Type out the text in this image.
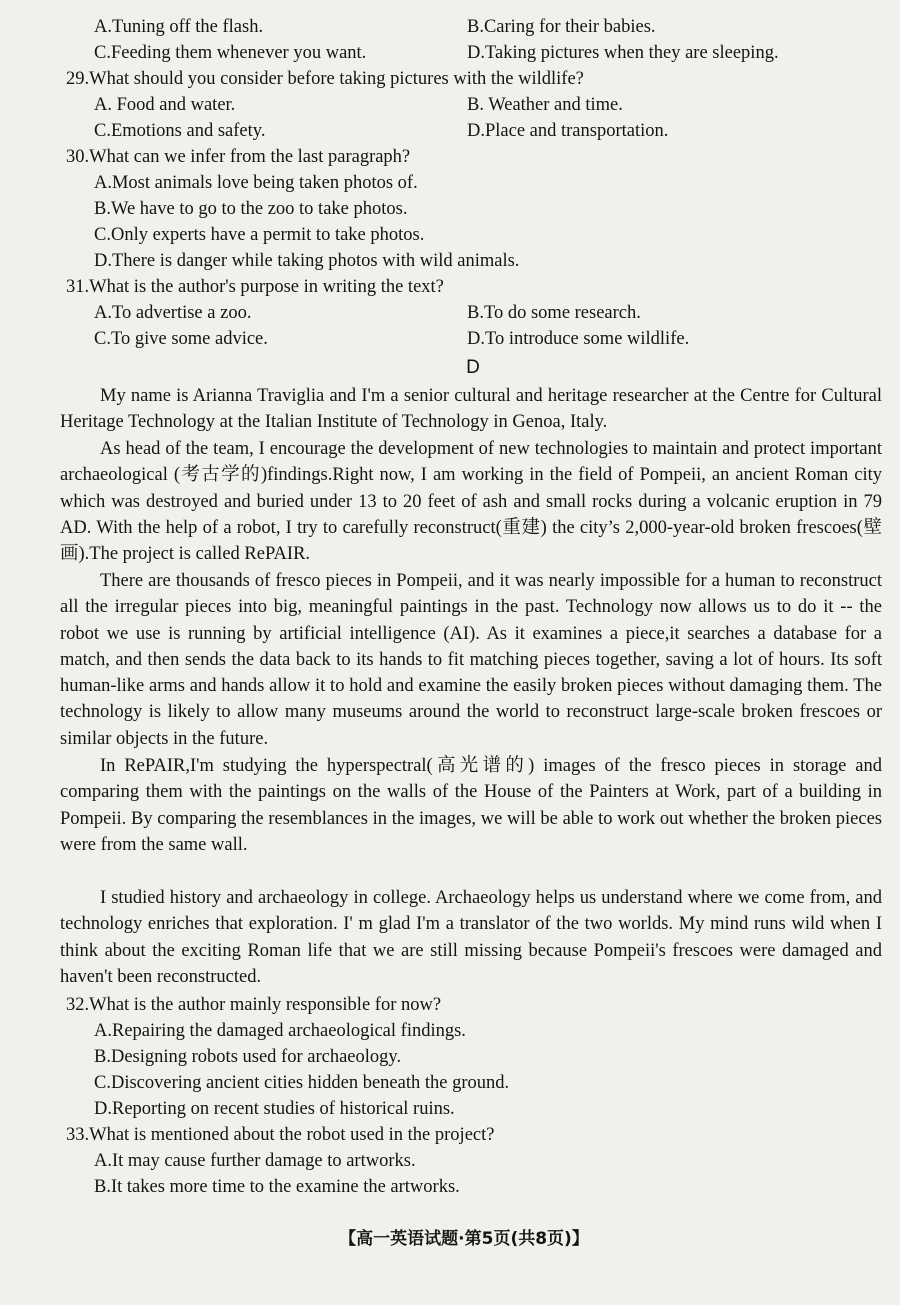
A.Tuning off the flash.	B.Caring for their babies.
C.Feeding them whenever you want.	D.Taking pictures when they are sleeping.
29.What should you consider before taking pictures with the wildlife?
A. Food and water.	B. Weather and time.
C.Emotions and safety.	D.Place and transportation.
30.What can we infer from the last paragraph?
A.Most animals love being taken photos of.
B.We have to go to the zoo to take photos.
C.Only experts have a permit to take photos.
D.There is danger while taking photos with wild animals.
31.What is the author's purpose in writing the text?
A.To advertise a zoo.	B.To do some research.
C.To give some advice.	D.To introduce some wildlife.
D
My name is Arianna Traviglia and I'm a senior cultural and heritage researcher at the Centre for Cultural Heritage Technology at the Italian Institute of Technology in Genoa, Italy.
As head of the team, I encourage the development of new technologies to maintain and protect important archaeological (考古学的)findings.Right now, I am working in the field of Pompeii, an ancient Roman city which was destroyed and buried under 13 to 20 feet of ash and small rocks during a volcanic eruption in 79 AD. With the help of a robot, I try to carefully reconstruct(重建) the city’s 2,000-year-old broken frescoes(壁画).The project is called RePAIR.
There are thousands of fresco pieces in Pompeii, and it was nearly impossible for a human to reconstruct all the irregular pieces into big, meaningful paintings in the past. Technology now allows us to do it -- the robot we use is running by artificial intelligence (AI). As it examines a piece,it searches a database for a match, and then sends the data back to its hands to fit matching pieces together, saving a lot of hours. Its soft human-like arms and hands allow it to hold and examine the easily broken pieces without damaging them. The technology is likely to allow many museums around the world to reconstruct large-scale broken frescoes or similar objects in the future.
In RePAIR,I'm studying the hyperspectral(高光谱的) images of the fresco pieces in storage and comparing them with the paintings on the walls of the House of the Painters at Work, part of a building in Pompeii. By comparing the resemblances in the images, we will be able to work out whether the broken pieces were from the same wall.
I studied history and archaeology in college. Archaeology helps us understand where we come from, and technology enriches that exploration. I' m glad I'm a translator of the two worlds. My mind runs wild when I think about the exciting Roman life that we are still missing because Pompeii's frescoes were damaged and haven't been reconstructed.
32.What is the author mainly responsible for now?
A.Repairing the damaged archaeological findings.
B.Designing robots used for archaeology.
C.Discovering ancient cities hidden beneath the ground.
D.Reporting on recent studies of historical ruins.
33.What is mentioned about the robot used in the project?
A.It may cause further damage to artworks.
B.It takes more time to the examine the artworks.
【高一英语试题·第5页(共8页)】
